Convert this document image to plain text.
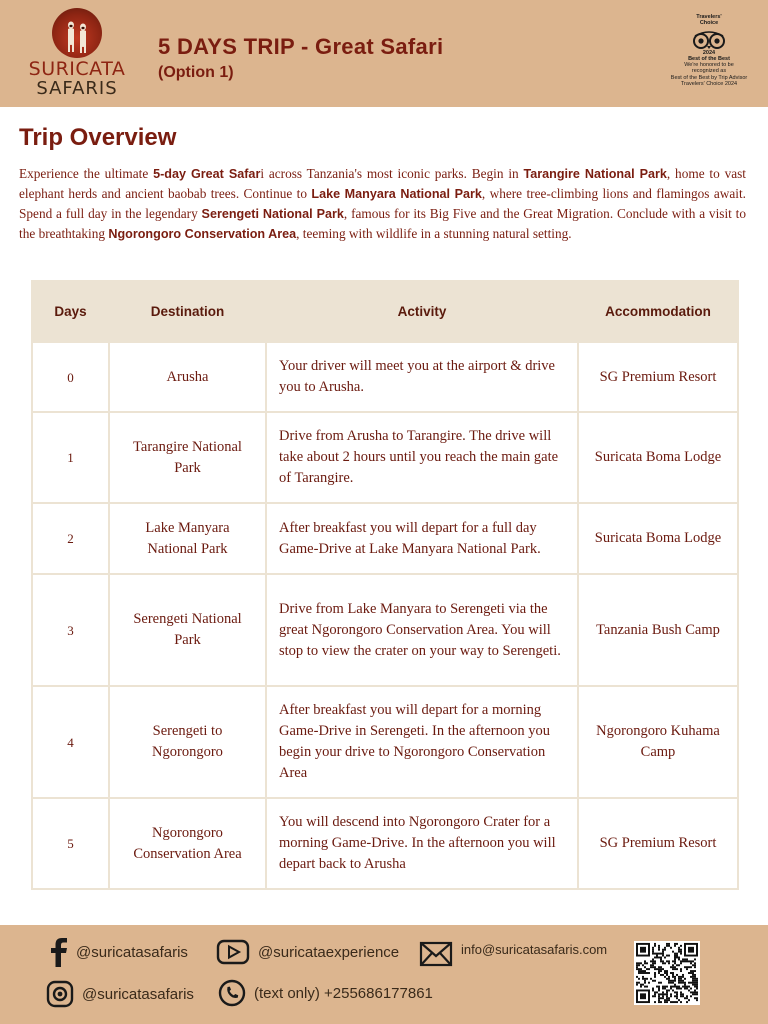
SURICATA
SAFARIS
5 DAYS TRIP - Great Safari
(Option 1)
Travelers'
Choice
2024
Best of the Best
We're honored to be
recognized as
Best of the Best by Trip Advisor
Travelers' Choice 2024
Trip Overview

Experience the ultimate 5-day Great Safari across Tanzania's most iconic parks. Begin in Tarangire National Park, home to vast elephant herds and ancient baobab trees. Continue to Lake Manyara National Park, where tree-climbing lions and flamingos await. Spend a full day in the legendary Serengeti National Park, famous for its Big Five and the Great Migration. Conclude with a visit to the breathtaking Ngorongoro Conservation Area, teeming with wildlife in a stunning natural setting.

Days	Destination	Activity	Accommodation
0	Arusha	Your driver will meet you at the airport & drive you to Arusha.	SG Premium Resort
1	Tarangire National Park	Drive from Arusha to Tarangire. The drive will take about 2 hours until you reach the main gate of Tarangire.	Suricata Boma Lodge
2	Lake Manyara National Park	After breakfast you will depart for a full day Game-Drive at Lake Manyara National Park.	Suricata Boma Lodge
3	Serengeti National Park	Drive from Lake Manyara to Serengeti via the great Ngorongoro Conservation Area. You will stop to view the crater on your way to Serengeti.	Tanzania Bush Camp
4	Serengeti to Ngorongoro	After breakfast you will depart for a morning Game-Drive in Serengeti. In the afternoon you begin your drive to Ngorongoro Conservation Area	Ngorongoro Kuhama Camp
5	Ngorongoro Conservation Area	You will descend into Ngorongoro Crater for a morning Game-Drive. In the afternoon you will depart back to Arusha	SG Premium Resort
@suricatasafaris	@suricataexperience	info@suricatasafaris.com
@suricatasafaris	(text only) +255686177861
